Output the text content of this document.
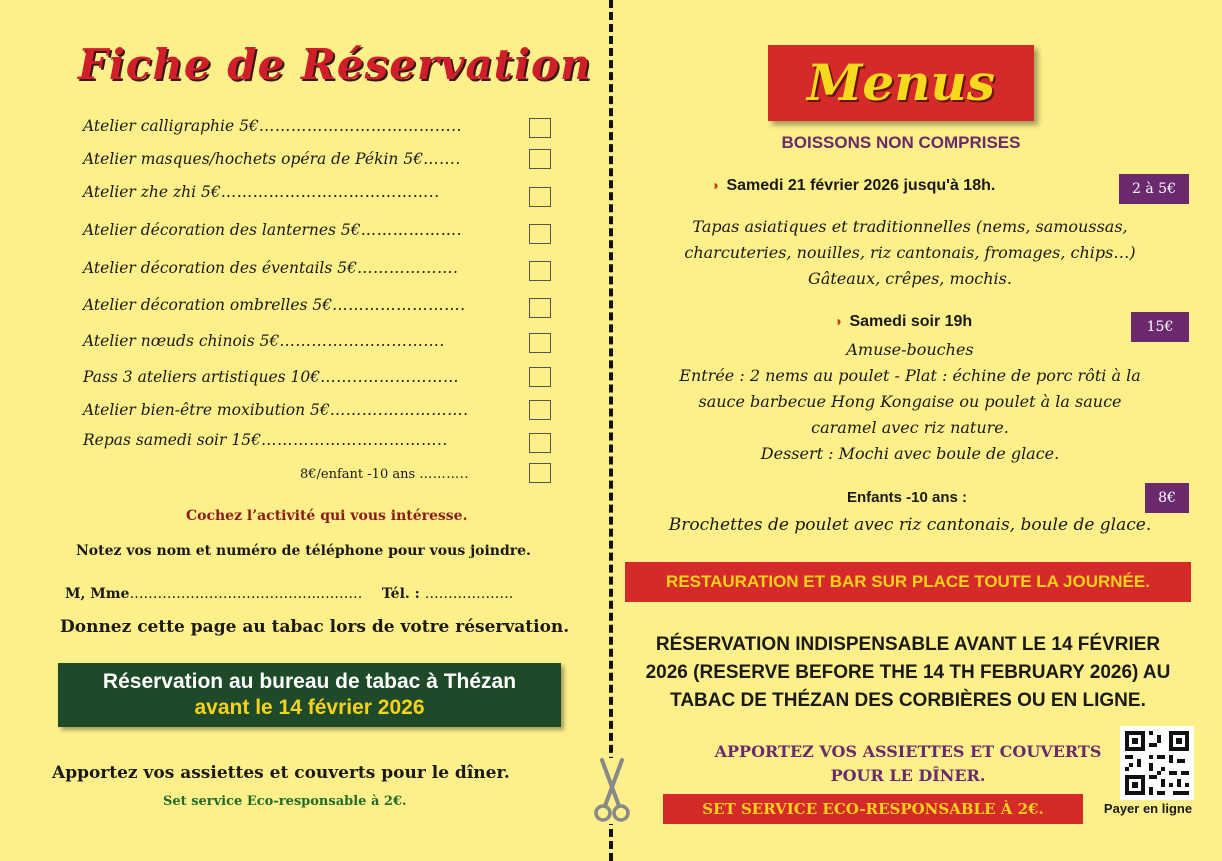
Fiche de Réservation
Atelier calligraphie 5€…………………………….....
Atelier masques/hochets opéra de Pékin 5€…....
Atelier zhe zhi 5€…………………………………..
Atelier décoration des lanternes 5€……………….
Atelier décoration des éventails 5€……………….
Atelier décoration ombrelles 5€…………………….
Atelier nœuds chinois 5€………………………….
Pass 3 ateliers artistiques 10€……..………………
Atelier bien-être moxibution 5€……….…………….
Repas samedi soir 15€……………………………..
8€/enfant -10 ans ………..
Cochez l’activité qui vous intéresse.
Notez vos nom et numéro de téléphone pour vous joindre.
M, Mme…………………………………..……… Tél. : ……………….
Donnez cette page au tabac lors de votre réservation.
Réservation au bureau de tabac à Thézan
avant le 14 février 2026
Apportez vos assiettes et couverts pour le dîner.
Set service Eco-responsable à 2€.
Menus
BOISSONS NON COMPRISES
◗ Samedi 21 février 2026 jusqu'à 18h.	2 à 5€
Tapas asiatiques et traditionnelles (nems, samoussas,
charcuteries, nouilles, riz cantonais, fromages, chips…)
Gâteaux, crêpes, mochis.
◗ Samedi soir 19h	15€
Amuse-bouches
Entrée : 2 nems au poulet - Plat : échine de porc rôti à la
sauce barbecue Hong Kongaise ou poulet à la sauce
caramel avec riz nature.
Dessert : Mochi avec boule de glace.
Enfants -10 ans :	8€
Brochettes de poulet avec riz cantonais, boule de glace.
RESTAURATION ET BAR SUR PLACE TOUTE LA JOURNÉE.
RÉSERVATION INDISPENSABLE AVANT LE 14 FÉVRIER
2026 (RESERVE BEFORE THE 14 TH FEBRUARY 2026) AU
TABAC DE THÉZAN DES CORBIÈRES OU EN LIGNE.
APPORTEZ VOS ASSIETTES ET COUVERTS
POUR LE DÎNER.
SET SERVICE ECO-RESPONSABLE À 2€.	Payer en ligne
